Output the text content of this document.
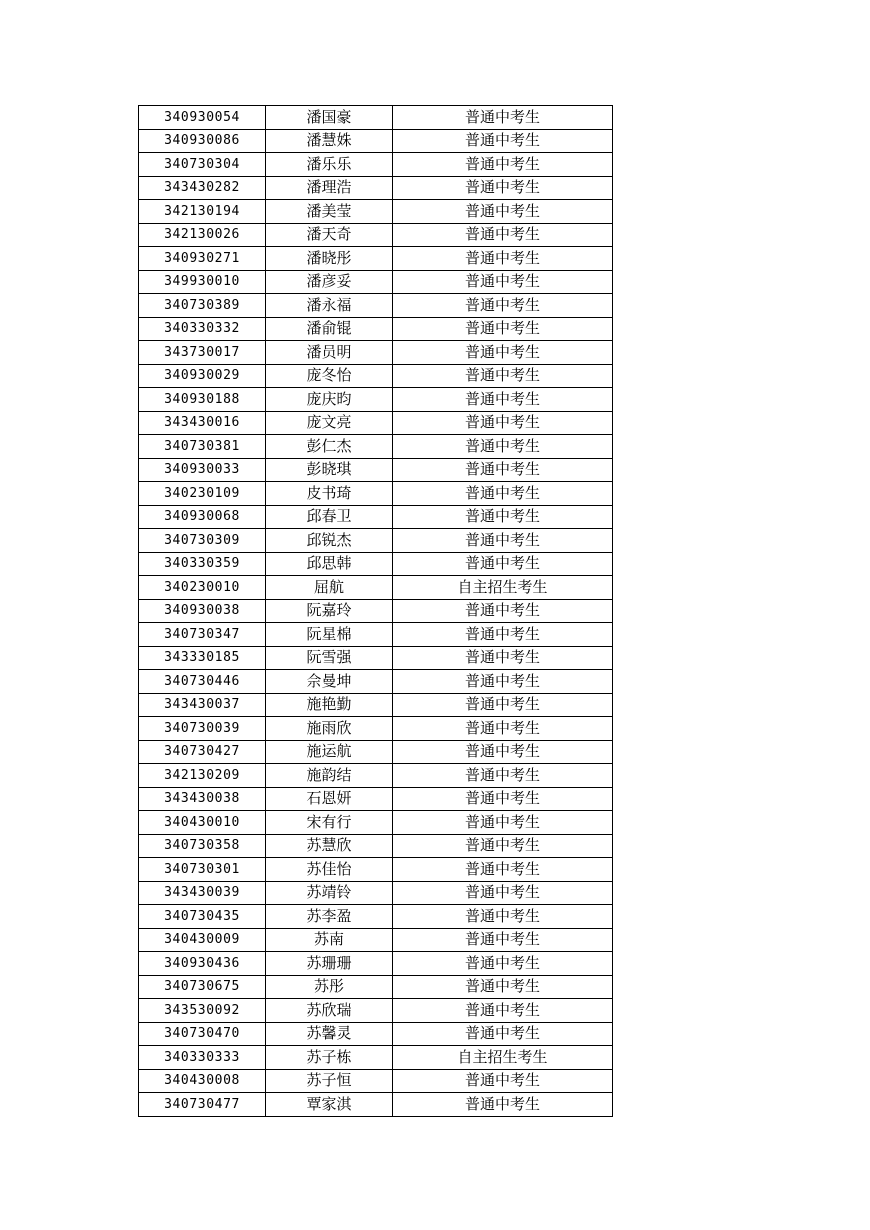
340930054	潘国豪	普通中考生
340930086	潘慧姝	普通中考生
340730304	潘乐乐	普通中考生
343430282	潘理浩	普通中考生
342130194	潘美莹	普通中考生
342130026	潘天奇	普通中考生
340930271	潘晓彤	普通中考生
349930010	潘彦妥	普通中考生
340730389	潘永福	普通中考生
340330332	潘俞锟	普通中考生
343730017	潘员明	普通中考生
340930029	庞冬怡	普通中考生
340930188	庞庆昀	普通中考生
343430016	庞文亮	普通中考生
340730381	彭仁杰	普通中考生
340930033	彭晓琪	普通中考生
340230109	皮书琦	普通中考生
340930068	邱春卫	普通中考生
340730309	邱锐杰	普通中考生
340330359	邱思韩	普通中考生
340230010	屈航	自主招生考生
340930038	阮嘉玲	普通中考生
340730347	阮星棉	普通中考生
343330185	阮雪强	普通中考生
340730446	佘曼坤	普通中考生
343430037	施艳勤	普通中考生
340730039	施雨欣	普通中考生
340730427	施运航	普通中考生
342130209	施韵结	普通中考生
343430038	石恩妍	普通中考生
340430010	宋有行	普通中考生
340730358	苏慧欣	普通中考生
340730301	苏佳怡	普通中考生
343430039	苏靖铃	普通中考生
340730435	苏李盈	普通中考生
340430009	苏南	普通中考生
340930436	苏珊珊	普通中考生
340730675	苏彤	普通中考生
343530092	苏欣瑞	普通中考生
340730470	苏馨灵	普通中考生
340330333	苏子栋	自主招生考生
340430008	苏子恒	普通中考生
340730477	覃家淇	普通中考生
